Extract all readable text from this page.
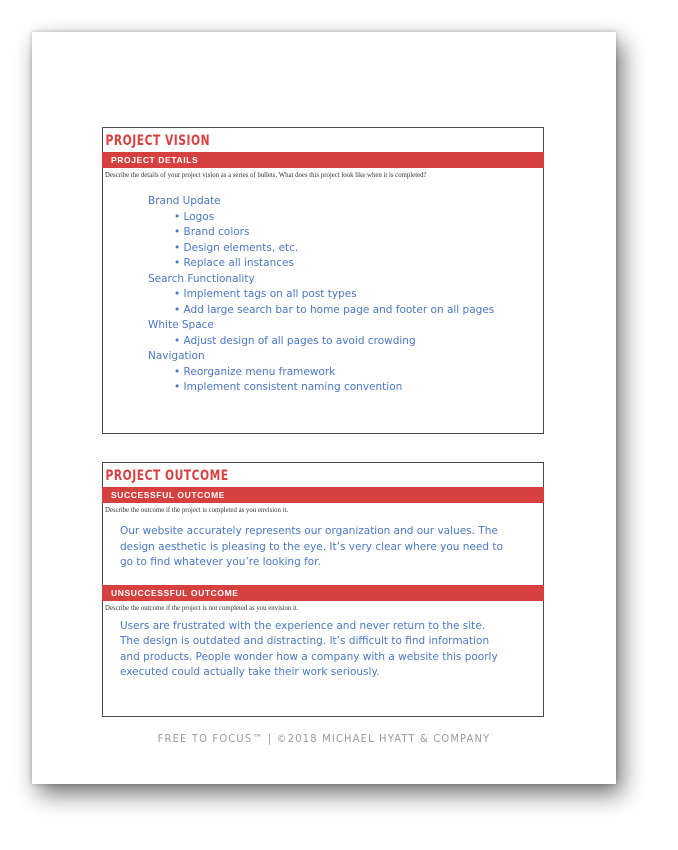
PROJECT VISION
PROJECT DETAILS
Describe the details of your project vision as a series of bullets. What does this project look like when it is completed?
Brand Update
• Logos
• Brand colors
• Design elements, etc.
• Replace all instances
Search Functionality
• Implement tags on all post types
• Add large search bar to home page and footer on all pages
White Space
• Adjust design of all pages to avoid crowding
Navigation
• Reorganize menu framework
• Implement consistent naming convention
PROJECT OUTCOME
SUCCESSFUL OUTCOME
Describe the outcome if the project is completed as you envision it.
Our website accurately represents our organization and our values. The
design aesthetic is pleasing to the eye. It’s very clear where you need to
go to find whatever you’re looking for.
UNSUCCESSFUL OUTCOME
Describe the outcome if the project is not completed as you envision it.
Users are frustrated with the experience and never return to the site.
The design is outdated and distracting. It’s difficult to find information
and products. People wonder how a company with a website this poorly
executed could actually take their work seriously.
FREE TO FOCUS™ | ©2018 MICHAEL HYATT & COMPANY
